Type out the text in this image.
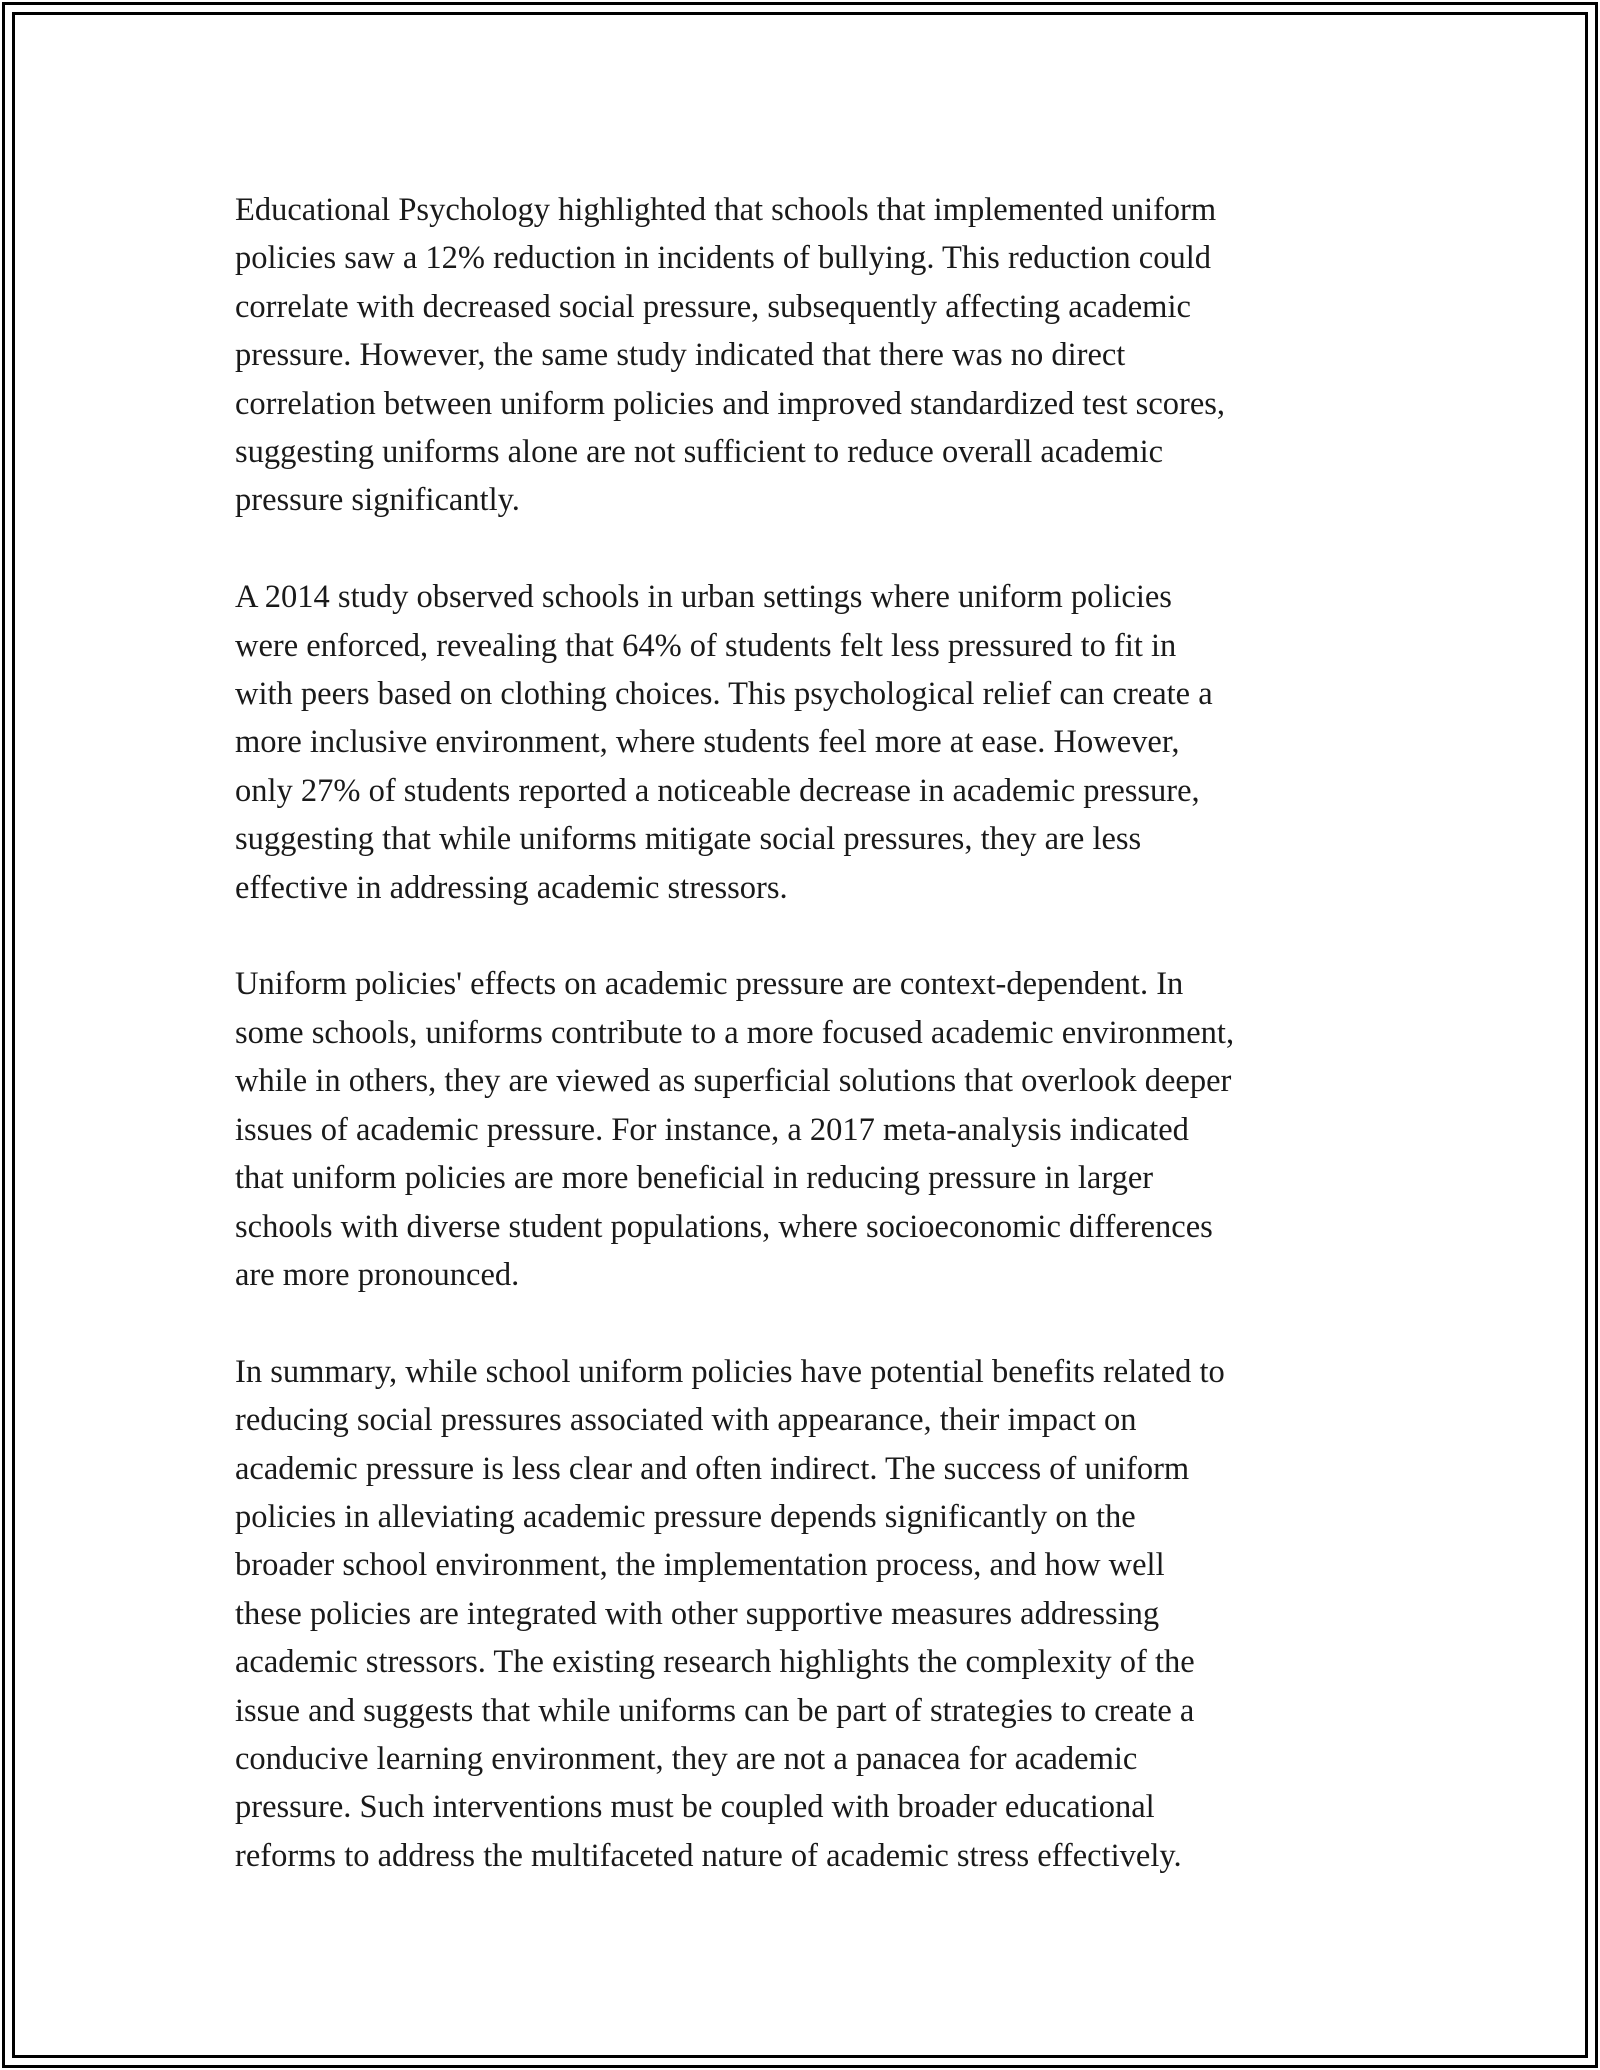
Educational Psychology highlighted that schools that implemented uniform
policies saw a 12% reduction in incidents of bullying. This reduction could
correlate with decreased social pressure, subsequently affecting academic
pressure. However, the same study indicated that there was no direct
correlation between uniform policies and improved standardized test scores,
suggesting uniforms alone are not sufficient to reduce overall academic
pressure significantly.

A 2014 study observed schools in urban settings where uniform policies
were enforced, revealing that 64% of students felt less pressured to fit in
with peers based on clothing choices. This psychological relief can create a
more inclusive environment, where students feel more at ease. However,
only 27% of students reported a noticeable decrease in academic pressure,
suggesting that while uniforms mitigate social pressures, they are less
effective in addressing academic stressors.

Uniform policies' effects on academic pressure are context-dependent. In
some schools, uniforms contribute to a more focused academic environment,
while in others, they are viewed as superficial solutions that overlook deeper
issues of academic pressure. For instance, a 2017 meta-analysis indicated
that uniform policies are more beneficial in reducing pressure in larger
schools with diverse student populations, where socioeconomic differences
are more pronounced.

In summary, while school uniform policies have potential benefits related to
reducing social pressures associated with appearance, their impact on
academic pressure is less clear and often indirect. The success of uniform
policies in alleviating academic pressure depends significantly on the
broader school environment, the implementation process, and how well
these policies are integrated with other supportive measures addressing
academic stressors. The existing research highlights the complexity of the
issue and suggests that while uniforms can be part of strategies to create a
conducive learning environment, they are not a panacea for academic
pressure. Such interventions must be coupled with broader educational
reforms to address the multifaceted nature of academic stress effectively.
